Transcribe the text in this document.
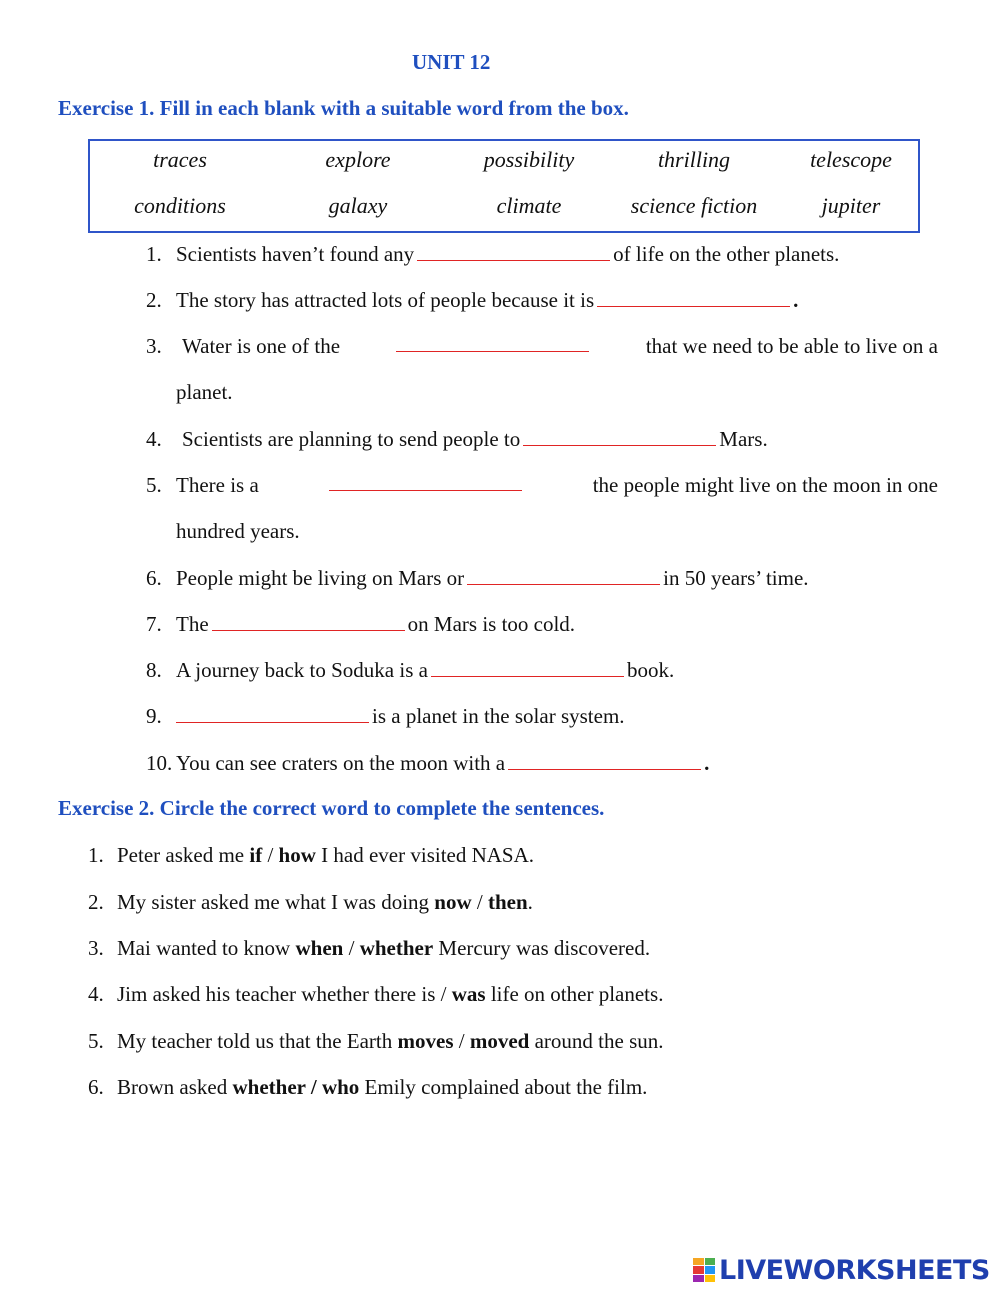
UNIT 12
Exercise 1. Fill in each blank with a suitable word from the box.
traces	explore	possibility	thrilling	telescope
conditions	galaxy	climate	science fiction	jupiter
1. Scientists haven’t found any	of life on the other planets.
2. The story has attracted lots of people because it is	.
3. Water is one of the	that we need to be able to live on a
planet.
4. Scientists are planning to send people to	Mars.
5. There is a	the people might live on the moon in one
hundred years.
6. People might be living on Mars or	in 50 years’ time.
7. The	on Mars is too cold.
8. A journey back to Soduka is a	book.
9.	is a planet in the solar system.
10. You can see craters on the moon with a	.
Exercise 2. Circle the correct word to complete the sentences.
1. Peter asked me if / how I had ever visited NASA.
2. My sister asked me what I was doing now / then.
3. Mai wanted to know when / whether Mercury was discovered.
4. Jim asked his teacher whether there is / was life on other planets.
5. My teacher told us that the Earth moves / moved around the sun.
6. Brown asked whether / who Emily complained about the film.
LIVEWORKSHEETS
